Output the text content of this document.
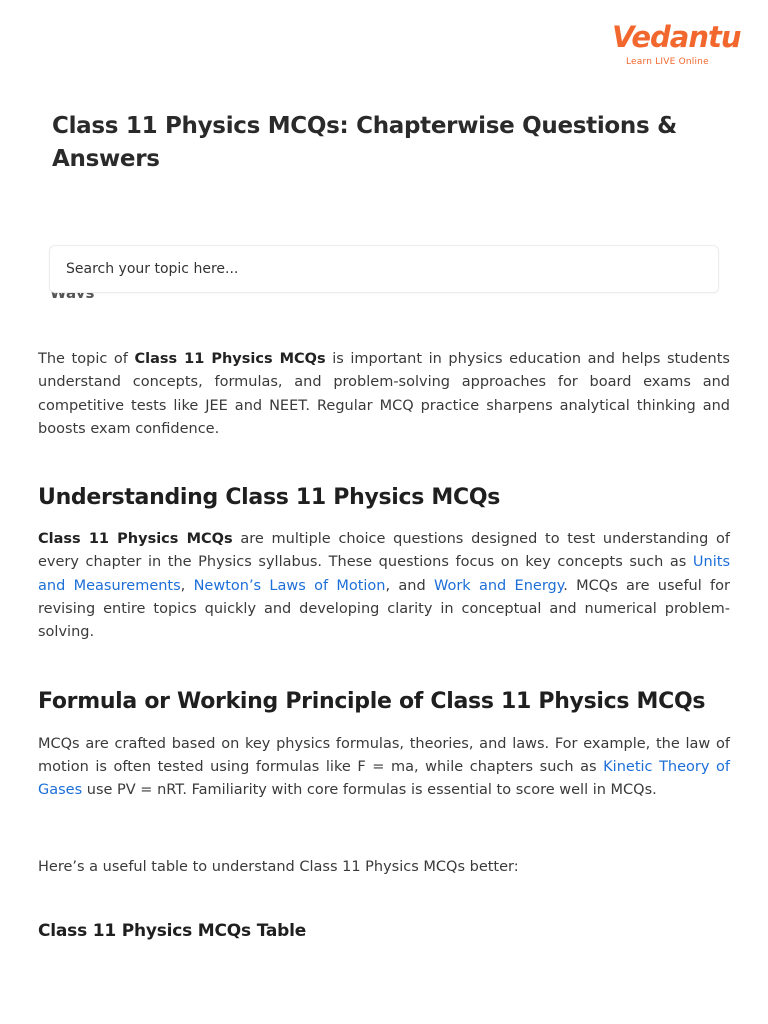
Vedantu
Learn LIVE Online
Class 11 Physics MCQs: Chapterwise Questions & Answers
Search your topic here...

The topic of Class 11 Physics MCQs is important in physics education and helps students understand concepts, formulas, and problem-solving approaches for board exams and competitive tests like JEE and NEET. Regular MCQ practice sharpens analytical thinking and boosts exam confidence.

Understanding Class 11 Physics MCQs

Class 11 Physics MCQs are multiple choice questions designed to test understanding of every chapter in the Physics syllabus. These questions focus on key concepts such as Units and Measurements, Newton’s Laws of Motion, and Work and Energy. MCQs are useful for revising entire topics quickly and developing clarity in conceptual and numerical problem-solving.

Formula or Working Principle of Class 11 Physics MCQs

MCQs are crafted based on key physics formulas, theories, and laws. For example, the law of motion is often tested using formulas like F = ma, while chapters such as Kinetic Theory of Gases use PV = nRT. Familiarity with core formulas is essential to score well in MCQs.

Here’s a useful table to understand Class 11 Physics MCQs better:

Class 11 Physics MCQs Table
